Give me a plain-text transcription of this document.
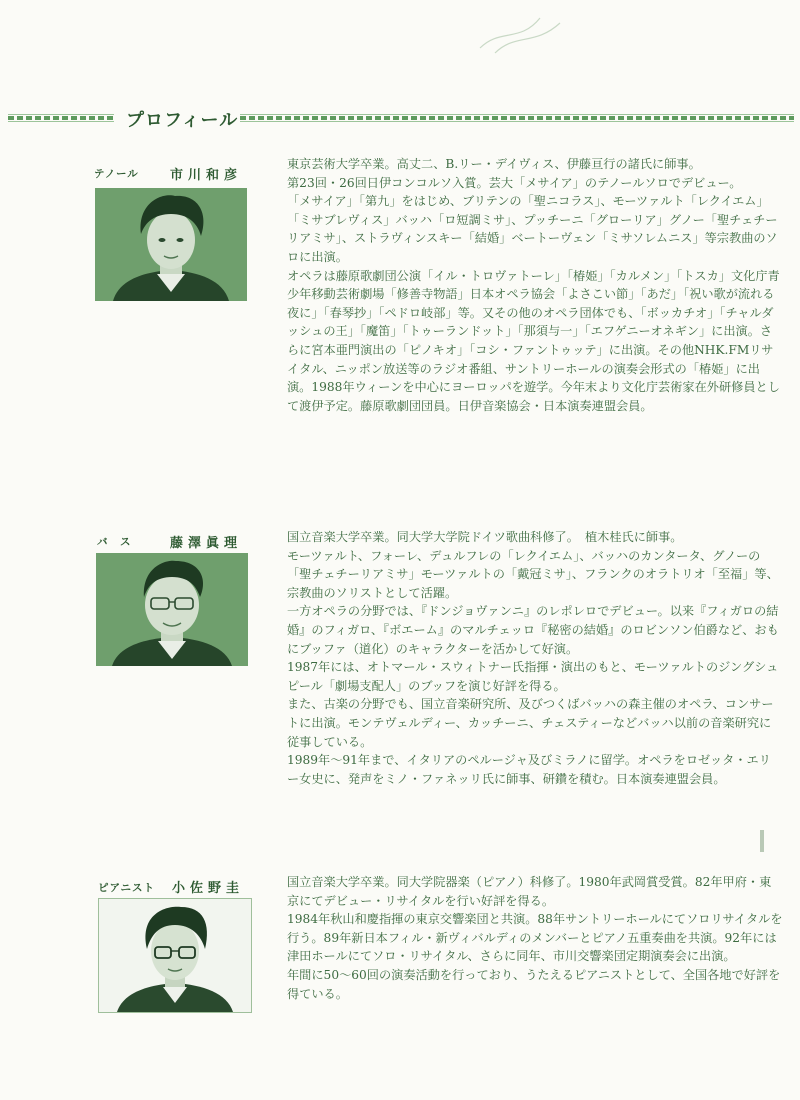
プロフィール
テノール 市川和彦

東京芸術大学卒業。高丈二、B.リー・デイヴィス、伊藤亘行の諸氏に師事。

第23回・26回日伊コンコルソ入賞。芸大「メサイア」のテノールソロでデビュー。

「メサイア」「第九」をはじめ、ブリテンの「聖ニコラス」、モーツァルト「レクイエム」「ミサブレヴィス」バッハ「ロ短調ミサ」、プッチーニ「グローリア」グノー「聖チェチーリアミサ」、ストラヴィンスキー「結婚」ベートーヴェン「ミサソレムニス」等宗教曲のソロに出演。

オペラは藤原歌劇団公演「イル・トロヴァトーレ」「椿姫」「カルメン」「トスカ」文化庁青少年移動芸術劇場「修善寺物語」日本オペラ協会「よさこい節」「あだ」「祝い歌が流れる夜に」「春琴抄」「ペドロ岐部」等。又その他のオペラ団体でも、「ボッカチオ」「チャルダッシュの王」「魔笛」「トゥーランドット」「那須与一」「エフゲニーオネギン」に出演。さらに宮本亜門演出の「ピノキオ」「コシ・ファントゥッテ」に出演。その他NHK.FMリサイタル、ニッポン放送等のラジオ番組、サントリーホールの演奏会形式の「椿姫」に出演。1988年ウィーンを中心にヨーロッパを遊学。今年末より文化庁芸術家在外研修員として渡伊予定。藤原歌劇団団員。日伊音楽協会・日本演奏連盟会員。

バ　ス	藤澤眞理	国立音楽大学卒業。同大学大学院ドイツ歌曲科修了。　植木桂氏に師事。

モーツァルト、フォーレ、デュルフレの「レクイエム」、バッハのカンタータ、グノーの「聖チェチーリアミサ」モーツァルトの「戴冠ミサ」、フランクのオラトリオ「至福」等、宗教曲のソリストとして活躍。

一方オペラの分野では、『ドンジョヴァンニ』のレポレロでデビュー。以来『フィガロの結婚』のフィガロ、『ボエーム』のマルチェッロ『秘密の結婚』のロビンソン伯爵など、おもにブッファ（道化）のキャラクターを活かして好演。

1987年には、オトマール・スウィトナー氏指揮・演出のもと、モーツァルトのジングシュピール「劇場支配人」のブッフを演じ好評を得る。

また、古楽の分野でも、国立音楽研究所、及びつくばバッハの森主催のオペラ、コンサートに出演。モンテヴェルディー、カッチーニ、チェスティーなどバッハ以前の音楽研究に従事している。

1989年～91年まで、イタリアのペルージャ及びミラノに留学。オペラをロゼッタ・エリー女史に、発声をミノ・ファネッリ氏に師事、研鑽を積む。日本演奏連盟会員。

ピアニスト 小佐野圭	国立音楽大学卒業。同大学院器楽（ピアノ）科修了。1980年武岡賞受賞。82年甲府・東京にてデビュー・リサイタルを行い好評を得る。

1984年秋山和慶指揮の東京交響楽団と共演。88年サントリーホールにてソロリサイタルを行う。89年新日本フィル・新ヴィバルディのメンバーとピアノ五重奏曲を共演。92年には津田ホールにてソロ・リサイタル、さらに同年、市川交響楽団定期演奏会に出演。

年間に50～60回の演奏活動を行っており、うたえるピアニストとして、全国各地で好評を得ている。
